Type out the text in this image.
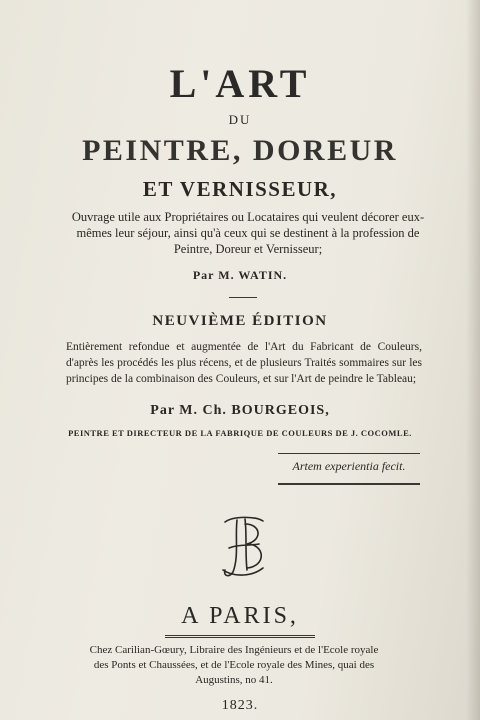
L'ART
DU
PEINTRE, DOREUR
ET VERNISSEUR,
Ouvrage utile aux Propriétaires ou Locataires qui veulent décorer eux-mêmes leur séjour, ainsi qu'à ceux qui se destinent à la profession de Peintre, Doreur et Vernisseur;
Par M. WATIN.
NEUVIÈME ÉDITION
Entièrement refondue et augmentée de l'Art du Fabricant de Couleurs, d'après les procédés les plus récens, et de plusieurs Traités sommaires sur les principes de la combinaison des Couleurs, et sur l'Art de peindre le Tableau;
Par M. Ch. BOURGEOIS,
PEINTRE ET DIRECTEUR DE LA FABRIQUE DE COULEURS DE J. COCOMLE.
Artem experientia fecit.
A PARIS,
Chez Carilian-Gœury, Libraire des Ingénieurs et de l'Ecole royale des Ponts et Chaussées, et de l'Ecole royale des Mines, quai des Augustins, no 41.
1823.
